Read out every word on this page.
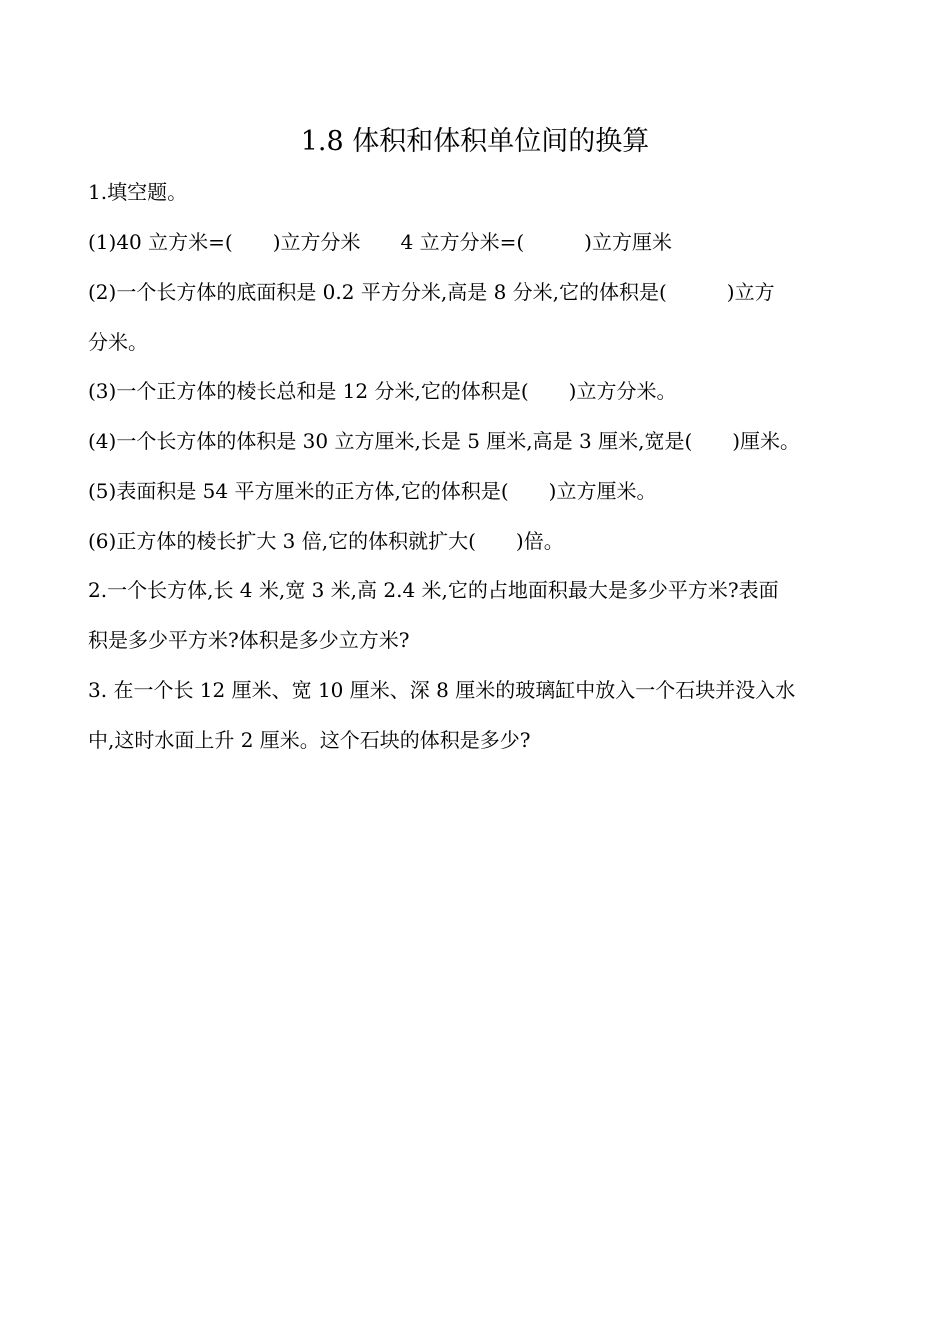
1.8 体积和体积单位间的换算
1.填空题。
(1)40 立方米=(　　)立方分米 4 立方分米=(　　　)立方厘米
(2)一个长方体的底面积是 0.2 平方分米,高是 8 分米,它的体积是(　　　)立方
分米。
(3)一个正方体的棱长总和是 12 分米,它的体积是(　　)立方分米。
(4)一个长方体的体积是 30 立方厘米,长是 5 厘米,高是 3 厘米,宽是(　　)厘米。
(5)表面积是 54 平方厘米的正方体,它的体积是(　　)立方厘米。
(6)正方体的棱长扩大 3 倍,它的体积就扩大(　　)倍。
2.一个长方体,长 4 米,宽 3 米,高 2.4 米,它的占地面积最大是多少平方米?表面
积是多少平方米?体积是多少立方米?
3. 在一个长 12 厘米、宽 10 厘米、深 8 厘米的玻璃缸中放入一个石块并没入水
中,这时水面上升 2 厘米。这个石块的体积是多少?
